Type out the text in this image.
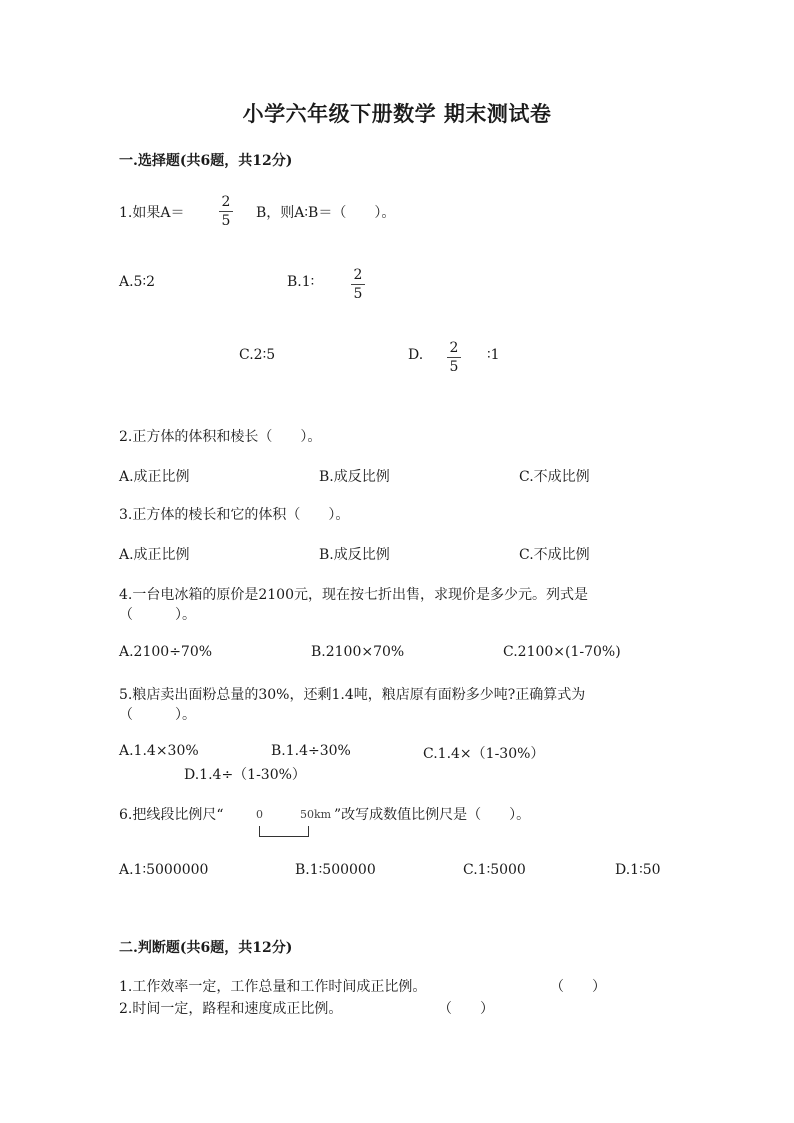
小学六年级下册数学 期末测试卷
一.选择题(共6题，共12分)
1.如果A＝
2
5 B，则A∶B＝（　　）。
A.5∶2	B.1∶	2
5
C.2∶5	D. 2
5
∶1
2.正方体的体积和棱长（　　）。
A.成正比例	B.成反比例	C.不成比例
3.正方体的棱长和它的体积（　　）。
A.成正比例	B.成反比例	C.不成比例
4.一台电冰箱的原价是2100元，现在按七折出售，求现价是多少元。列式是
（　　　）。
A.2100÷70%	B.2100×70%	C.2100×(1-70%)
5.粮店卖出面粉总量的30%，还剩1.4吨，粮店原有面粉多少吨?正确算式为
（　　　）。
A.1.4×30%	B.1.4÷30%	C.1.4×（1-30%）
D.1.4÷（1-30%）
6.把线段比例尺“	0	50km ”改写成数值比例尺是（　　）。
A.1∶5000000	B.1∶500000	C.1∶5000	D.1∶50
二.判断题(共6题，共12分)
1.工作效率一定，工作总量和工作时间成正比例。	（　　）
2.时间一定，路程和速度成正比例。	（　　）
